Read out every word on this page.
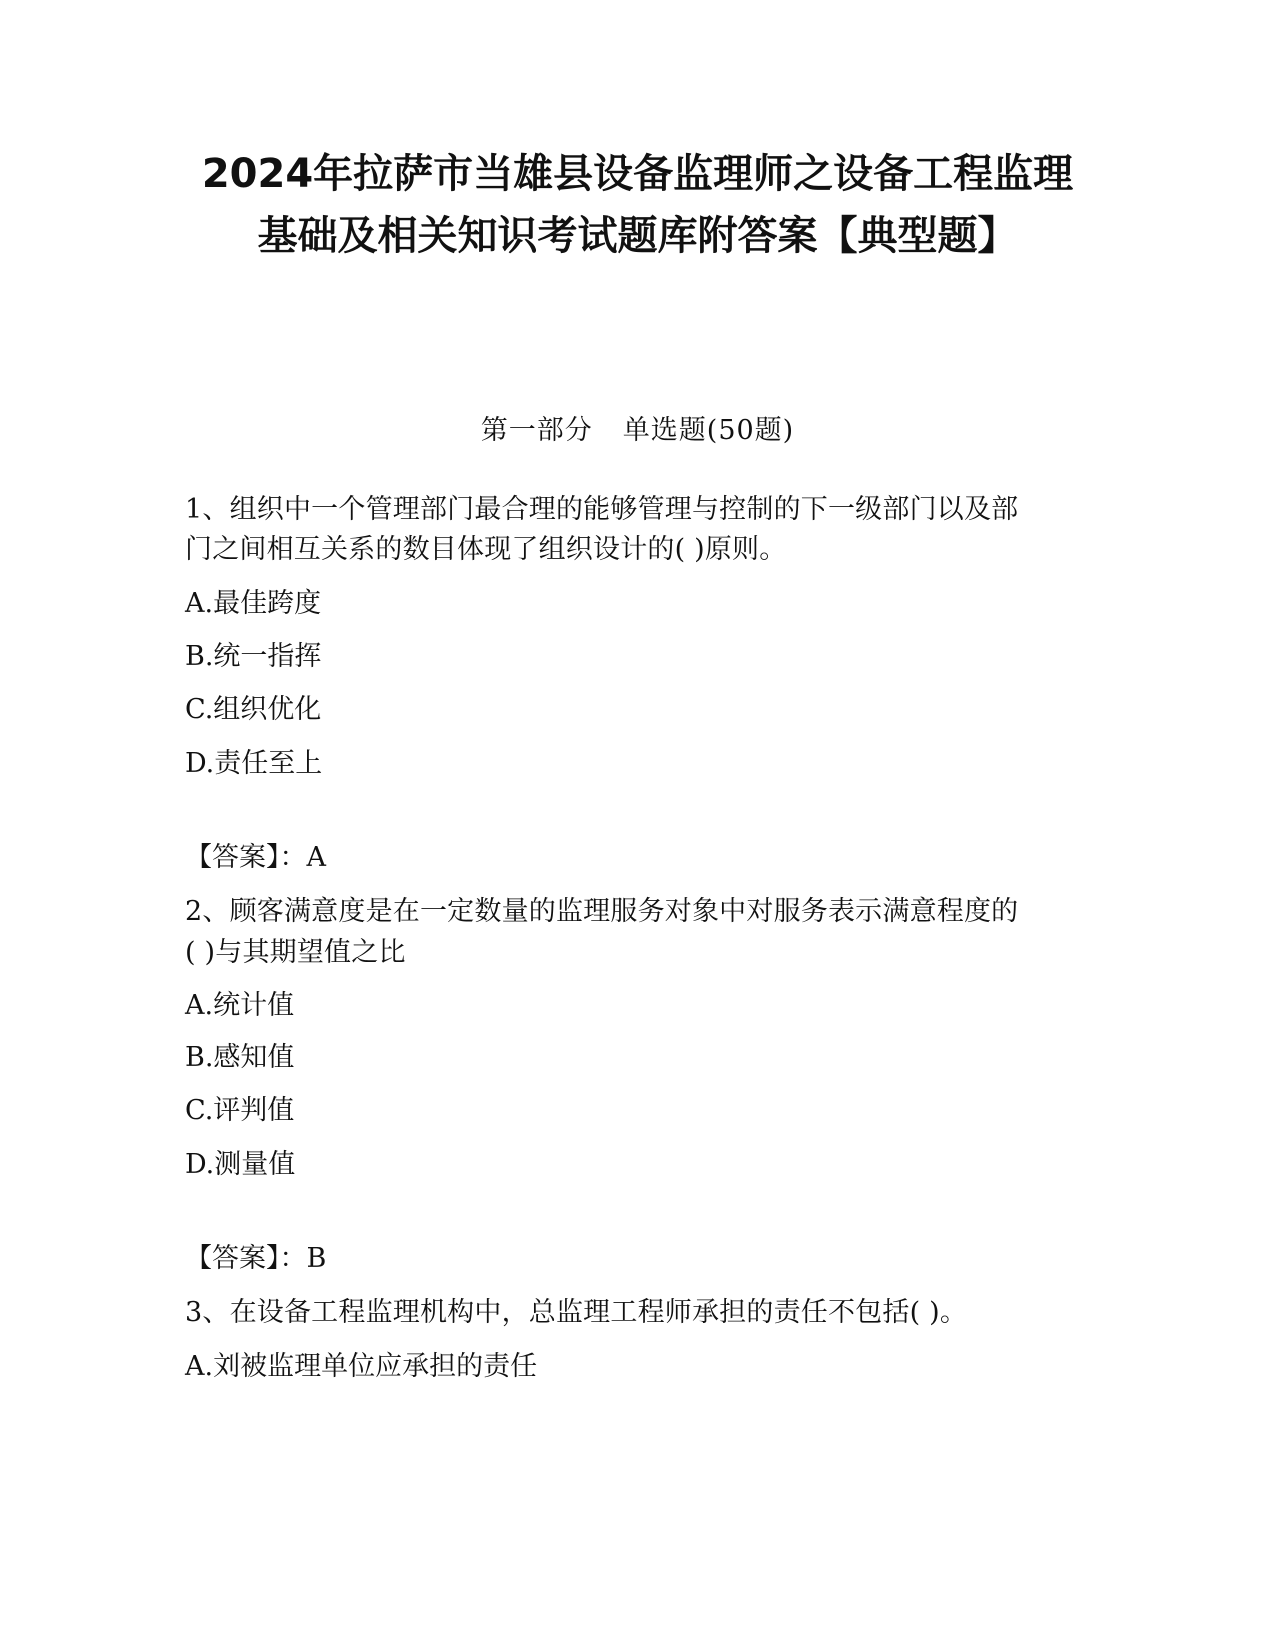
2024年拉萨市当雄县设备监理师之设备工程监理
基础及相关知识考试题库附答案【典型题】
第一部分 单选题(50题)
1、组织中一个管理部门最合理的能够管理与控制的下一级部门以及部
门之间相互关系的数目体现了组织设计的( )原则。
A.最佳跨度
B.统一指挥
C.组织优化
D.责任至上
【答案】：A
2、顾客满意度是在一定数量的监理服务对象中对服务表示满意程度的
( )与其期望值之比
A.统计值
B.感知值
C.评判值
D.测量值
【答案】：B
3、在设备工程监理机构中，总监理工程师承担的责任不包括( )。
A.刘被监理单位应承担的责任
